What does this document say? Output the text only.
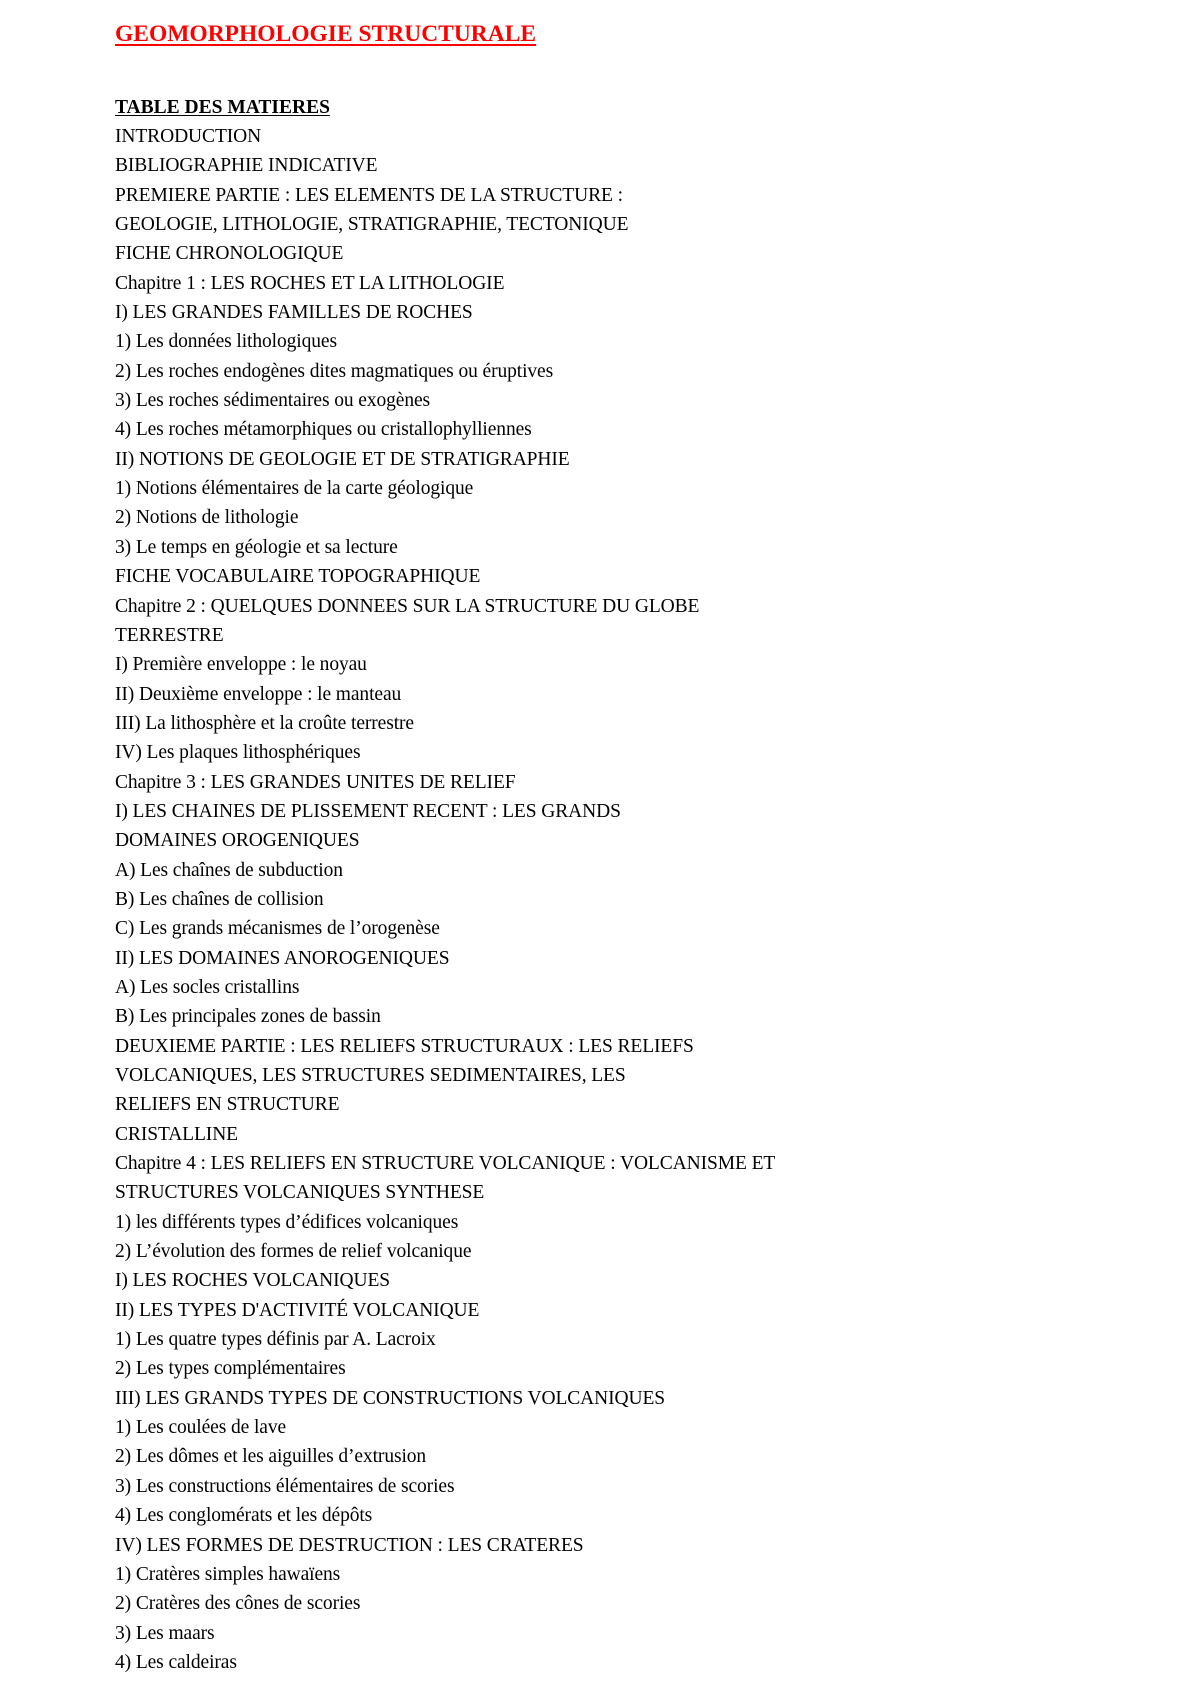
GEOMORPHOLOGIE STRUCTURALE
TABLE DES MATIERES
INTRODUCTION
BIBLIOGRAPHIE INDICATIVE
PREMIERE PARTIE : LES ELEMENTS DE LA STRUCTURE :
GEOLOGIE, LITHOLOGIE, STRATIGRAPHIE, TECTONIQUE
FICHE CHRONOLOGIQUE
Chapitre 1 : LES ROCHES ET LA LITHOLOGIE
I) LES GRANDES FAMILLES DE ROCHES
1) Les données lithologiques
2) Les roches endogènes dites magmatiques ou éruptives
3) Les roches sédimentaires ou exogènes
4) Les roches métamorphiques ou cristallophylliennes
II) NOTIONS DE GEOLOGIE ET DE STRATIGRAPHIE
1) Notions élémentaires de la carte géologique
2) Notions de lithologie
3) Le temps en géologie et sa lecture
FICHE VOCABULAIRE TOPOGRAPHIQUE
Chapitre 2 : QUELQUES DONNEES SUR LA STRUCTURE DU GLOBE
TERRESTRE
I) Première enveloppe : le noyau
II) Deuxième enveloppe : le manteau
III) La lithosphère et la croûte terrestre
IV) Les plaques lithosphériques
Chapitre 3 : LES GRANDES UNITES DE RELIEF
I) LES CHAINES DE PLISSEMENT RECENT : LES GRANDS
DOMAINES OROGENIQUES
A) Les chaînes de subduction
B) Les chaînes de collision
C) Les grands mécanismes de l’orogenèse
II) LES DOMAINES ANOROGENIQUES
A) Les socles cristallins
B) Les principales zones de bassin
DEUXIEME PARTIE : LES RELIEFS STRUCTURAUX : LES RELIEFS
VOLCANIQUES, LES STRUCTURES SEDIMENTAIRES, LES
RELIEFS EN STRUCTURE
CRISTALLINE
Chapitre 4 : LES RELIEFS EN STRUCTURE VOLCANIQUE : VOLCANISME ET
STRUCTURES VOLCANIQUES SYNTHESE
1) les différents types d’édifices volcaniques
2) L’évolution des formes de relief volcanique
I) LES ROCHES VOLCANIQUES
II) LES TYPES D'ACTIVITÉ VOLCANIQUE
1) Les quatre types définis par A. Lacroix
2) Les types complémentaires
III) LES GRANDS TYPES DE CONSTRUCTIONS VOLCANIQUES
1) Les coulées de lave
2) Les dômes et les aiguilles d’extrusion
3) Les constructions élémentaires de scories
4) Les conglomérats et les dépôts
IV) LES FORMES DE DESTRUCTION : LES CRATERES
1) Cratères simples hawaïens
2) Cratères des cônes de scories
3) Les maars
4) Les caldeiras
